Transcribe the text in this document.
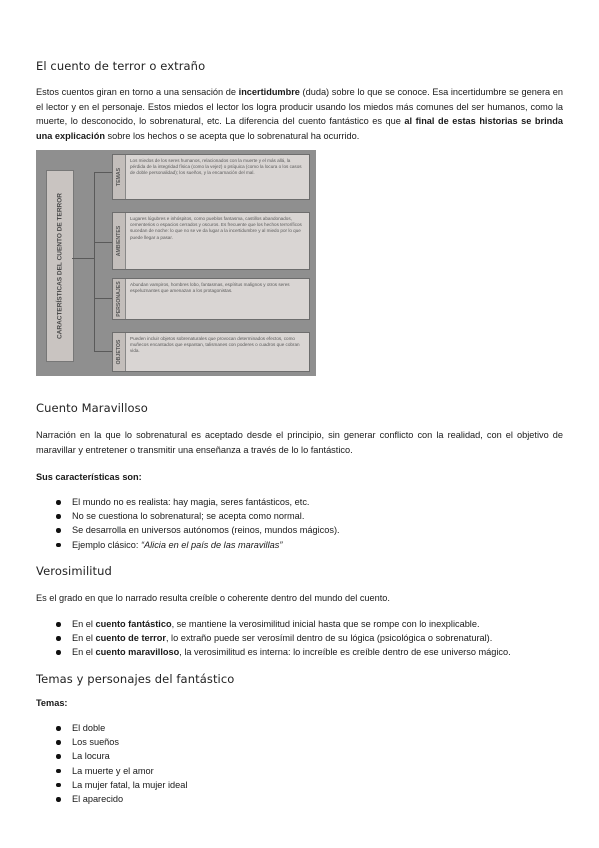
El cuento de terror o extraño

Estos cuentos giran en torno a una sensación de incertidumbre (duda) sobre lo que se conoce. Esa incertidumbre se genera en el lector y en el personaje. Estos miedos el lector los logra producir usando los miedos más comunes del ser humanos, como la muerte, lo desconocido, lo sobrenatural, etc. La diferencia del cuento fantástico es que al final de estas historias se brinda una explicación sobre los hechos o se acepta que lo sobrenatural ha ocurrido.

CARACTERÍSTICAS DEL CUENTO DE TERROR
TEMAS
Los miedos de los seres humanos, relacionados con la muerte y el más allá, la pérdida de la integridad física (como la vejez) o psíquica (como la locura o los casos de doble personalidad); los sueños, y la encarnación del mal.
AMBIENTES
Lugares lúgubres e inhóspitos, como pueblos fantasma, castillos abandonados, cementerios o espacios cerrados y oscuros. Es frecuente que los hechos terroríficos sucedan de noche: lo que no se ve da lugar a la incertidumbre y al miedo por lo que puede llegar a pasar.
PERSONAJES Abundan vampiros, hombres lobo, fantasmas, espíritus malignos y otros seres espeluznantes que amenazan a los protagonistas.
OBJETOS
Pueden incluir objetos sobrenaturales que provocan determinados efectos, como muñecos encantados que espantan, talismanes con poderes o cuadros que cobran vida.
Cuento Maravilloso

Narración en la que lo sobrenatural es aceptado desde el principio, sin generar conflicto con la realidad, con el objetivo de maravillar y entretener o transmitir una enseñanza a través de lo lo fantástico.

Sus características son:

El mundo no es realista: hay magia, seres fantásticos, etc.
No se cuestiona lo sobrenatural; se acepta como normal.
Se desarrolla en universos autónomos (reinos, mundos mágicos).
Ejemplo clásico: “Alicia en el país de las maravillas”
Verosimilitud

Es el grado en que lo narrado resulta creíble o coherente dentro del mundo del cuento.

En el cuento fantástico, se mantiene la verosimilitud inicial hasta que se rompe con lo inexplicable.
En el cuento de terror, lo extraño puede ser verosímil dentro de su lógica (psicológica o sobrenatural).
En el cuento maravilloso, la verosimilitud es interna: lo increíble es creíble dentro de ese universo mágico.
Temas y personajes del fantástico

Temas:

El doble
Los sueños
La locura
La muerte y el amor
La mujer fatal, la mujer ideal
El aparecido
